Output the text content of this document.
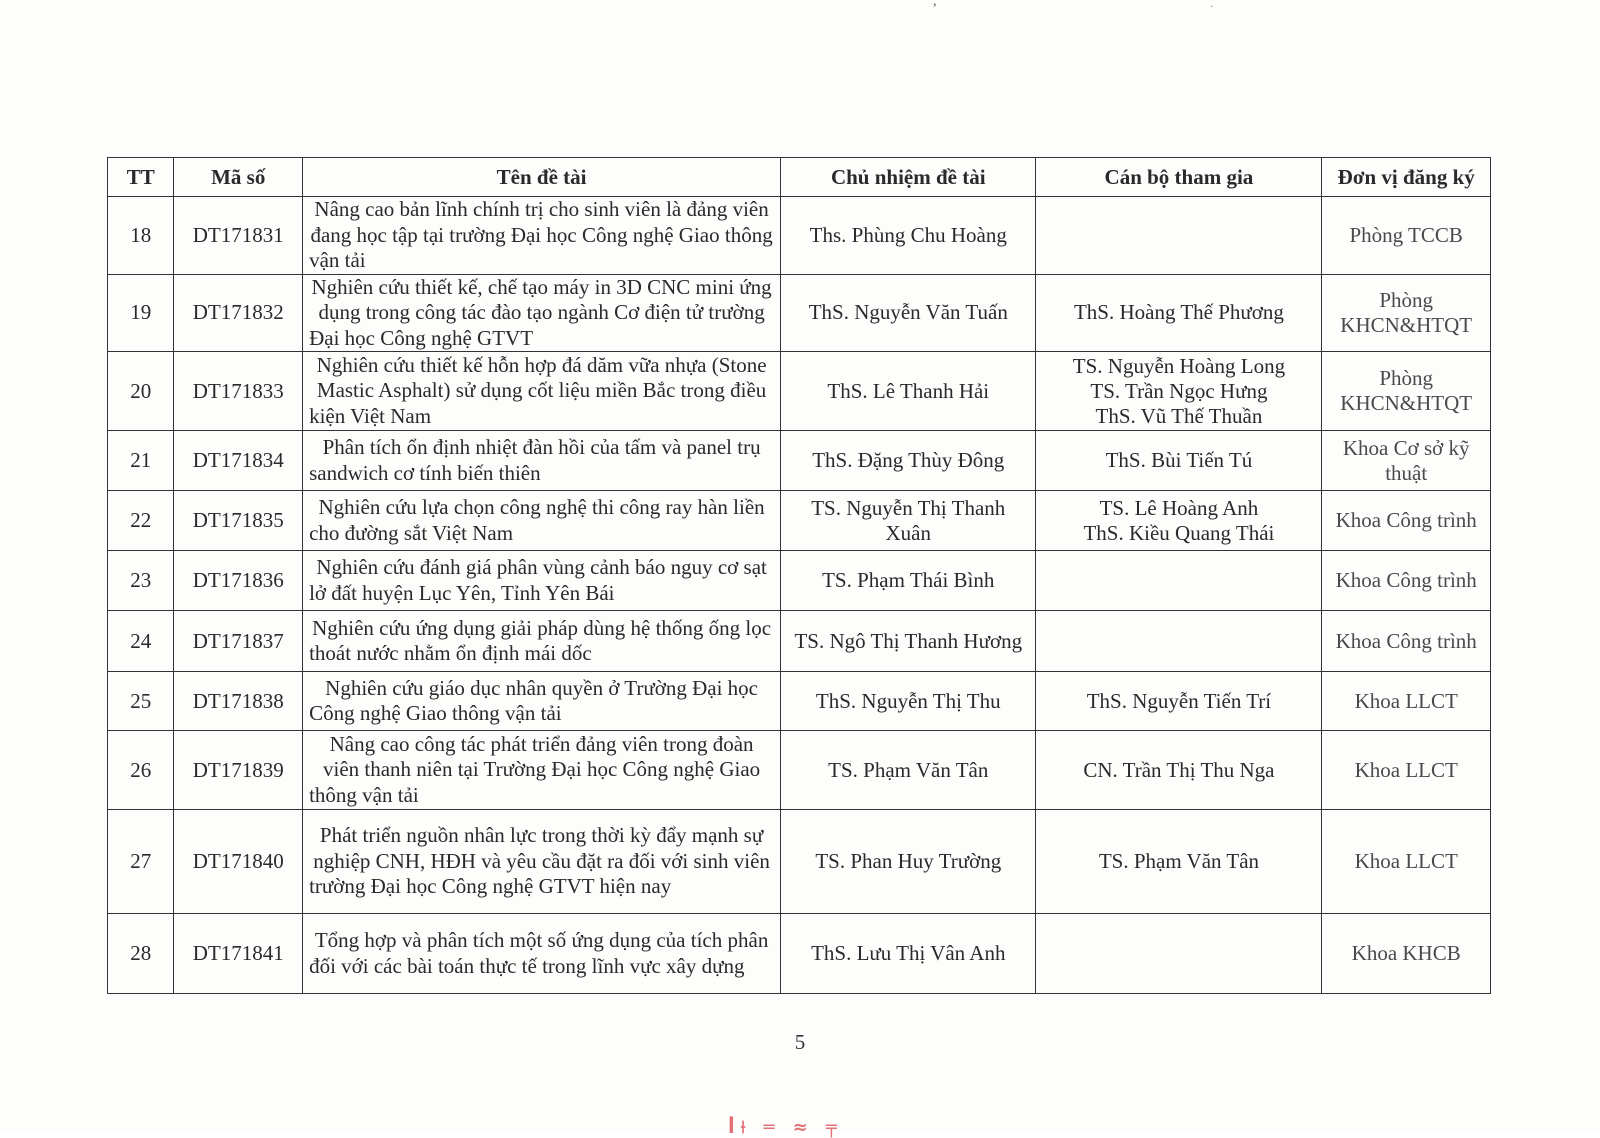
,	·
TT	Mã số	Tên đề tài	Chủ nhiệm đề tài	Cán bộ tham gia	Đơn vị đăng ký
18	DT171831	Nâng cao bản lĩnh chính trị cho sinh viên là đảng viên đang học tập tại trường Đại học Công nghệ Giao thông vận tải	Ths. Phùng Chu Hoàng		Phòng TCCB
19	DT171832	Nghiên cứu thiết kế, chế tạo máy in 3D CNC mini ứng dụng trong công tác đào tạo ngành Cơ điện tử trường Đại học Công nghệ GTVT	ThS. Nguyễn Văn Tuấn	ThS. Hoàng Thế Phương	Phòng KHCN&HTQT
20	DT171833	Nghiên cứu thiết kế hỗn hợp đá dăm vữa nhựa (Stone Mastic Asphalt) sử dụng cốt liệu miền Bắc trong điều kiện Việt Nam	ThS. Lê Thanh Hải	TS. Nguyễn Hoàng Long
TS. Trần Ngọc Hưng
ThS. Vũ Thế Thuần	Phòng KHCN&HTQT
21	DT171834	Phân tích ổn định nhiệt đàn hồi của tấm và panel trụ sandwich cơ tính biến thiên	ThS. Đặng Thùy Đông	ThS. Bùi Tiến Tú	Khoa Cơ sở kỹ thuật
22	DT171835	Nghiên cứu lựa chọn công nghệ thi công ray hàn liền cho đường sắt Việt Nam	TS. Nguyễn Thị Thanh Xuân	TS. Lê Hoàng Anh
ThS. Kiều Quang Thái	Khoa Công trình
23	DT171836	Nghiên cứu đánh giá phân vùng cảnh báo nguy cơ sạt lở đất huyện Lục Yên, Tỉnh Yên Bái	TS. Phạm Thái Bình		Khoa Công trình
24	DT171837	Nghiên cứu ứng dụng giải pháp dùng hệ thống ống lọc thoát nước nhằm ổn định mái dốc	TS. Ngô Thị Thanh Hương		Khoa Công trình
25	DT171838	Nghiên cứu giáo dục nhân quyền ở Trường Đại học Công nghệ Giao thông vận tải	ThS. Nguyễn Thị Thu	ThS. Nguyễn Tiến Trí	Khoa LLCT
26	DT171839	Nâng cao công tác phát triển đảng viên trong đoàn viên thanh niên tại Trường Đại học Công nghệ Giao thông vận tải	TS. Phạm Văn Tân	CN. Trần Thị Thu Nga	Khoa LLCT
27	DT171840	Phát triển nguồn nhân lực trong thời kỳ đẩy mạnh sự nghiệp CNH, HĐH và yêu cầu đặt ra đối với sinh viên trường Đại học Công nghệ GTVT hiện nay	TS. Phan Huy Trường	TS. Phạm Văn Tân	Khoa LLCT
28	DT171841	Tổng hợp và phân tích một số ứng dụng của tích phân đối với các bài toán thực tế trong lĩnh vực xây dựng	ThS. Lưu Thị Vân Anh		Khoa KHCB
5
ꟾ⟊ ═ ≈ ╤
